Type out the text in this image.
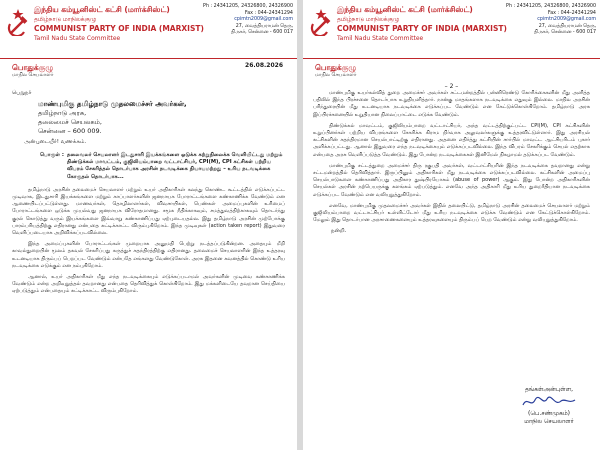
இந்திய கம்யூனிஸ்ட் கட்சி (மார்க்சிஸ்ட்)
தமிழ்நாடு மாநிலக்குழு
COMMUNIST PARTY OF INDIA (MARXIST)
Tamil Nadu State Committee
Ph : 24341205, 24326800, 24326900
Fax : 044-24341294
cpimtn2009@gmail.com
27, வைத்தியராமன் தெரு,
தி.நகர், சென்னை - 600 017
பொதுக்குழு
மாநில செயலாளர்
26.08.2026
பெறுநர்
மாண்புமிகு தமிழ்நாடு முதலமைச்சர் அவர்கள்,
தமிழ்நாடு அரசு,
தலைமைச் செயலகம்,
சென்னை – 600 009.
அன்புடையீர்! வணக்கம்.
பொருள் : தலைவலர் செயலாளர் இடதுசாரி இயக்கங்களை ஒடுக்க கற்றுநிலைக்க வெளியிட்டது மற்றும் திண்டுக்கல் மாவட்டம், குஜிலியம்பாறை வட்டாட்சியர், CPI(M), CPI கட்சிகள் பற்றிய விபரம் சேகரித்தல் தொடர்பாக அரசின் நடவடிக்கை நியாயமற்றது – உரிய நடவடிக்கை கோருதல் தொடர்பாக...

தமிழ்நாடு அரசின் தலைமைச் செயலாளர் மற்றும் உயர் அதிகாரிகள் கலந்து கொண்ட கூட்டத்தில் எடுக்கப்பட்ட முடிவாக, இடதுசாரி இயக்கங்களை மற்றும் காப்பாளர்களின் ஜனநாயக போராட்டங்களை கண்காணிக்க வேண்டும் என ஆணையிடப்பட்டுள்ளது. மாணவர்கள், தொழிலாளர்கள், விவசாயிகள், பெண்கள் அமைப்புகளின் உரிமைப் போராட்டங்களை ஒடுக்க முயல்வது ஜனநாயக விரோதமானது. சமூக நீதிக்காகவும், சமத்துவத்திற்காகவும் தொடர்ந்து குரல் கொடுத்து வரும் இயக்கங்களை இவ்வாறு கண்காணிப்பது ஏற்புடையதல்ல. இது தமிழ்நாடு அரசின் முற்போக்கு பாரம்பரியத்திற்கு எதிரானது என்பதை சுட்டிக்காட்ட விரும்புகிறோம். இந்த முடிவுகள் (action taken report) இதுவரை வெளிப்படையாக அறிவிக்கப்படவில்லை.

இந்த அமைப்புகளின் போராட்டங்கள் முறையாக அனுமதி பெற்று நடத்தப்படுகின்றன. அதையும் மீறி காவல்துறையின் மூலம் தகவல் சேகரிப்பது கருத்துச் சுதந்திரத்திற்கு எதிரானது. தலைமைச் செயலாளரின் இந்த உத்தரவு உடனடியாக திரும்பப் பெறப்பட வேண்டும் என்பதே எங்களது வேண்டுகோள். அரசு இதனை கவனத்தில் கொண்டு உரிய நடவடிக்கை எடுக்கும் என நம்புகிறோம்.

ஆனால், உயர் அதிகாரிகள் மீது எந்த நடவடிக்கையும் எடுக்கப்படாமல் அவர்களின் முடிவை கண்காணிக்க வேண்டும் என்ற அறிவுறுத்தல் தவறானது என்பதை தெரிவித்துக் கொள்கிறோம். இது மக்களிடையே தவறான செய்தியை ஏற்படுத்தும் என்பதையும் சுட்டிக்காட்ட விரும்புகிறோம்.

இந்திய கம்யூனிஸ்ட் கட்சி (மார்க்சிஸ்ட்)
தமிழ்நாடு மாநிலக்குழு
COMMUNIST PARTY OF INDIA (MARXIST)
Tamil Nadu State Committee
Ph : 24341205, 24326800, 24326900
Fax : 044-24341294
cpimtn2009@gmail.com
27, வைத்தியராமன் தெரு,
தி.நகர், சென்னை - 600 017
பொதுக்குழு
மாநில செயலாளர்
– 2 –

மாண்புமிகு உயர்கல்வித் துறை அமைச்சர் அவர்கள் சட்டமன்றத்தில் பன்னிரெண்டு கோரிக்கைகளின் மீது அளித்த பதிலில் இந்த பிரச்சனை தொடர்பாக உறுதியளித்தார். நான்கு மாதங்களாக நடவடிக்கை எதுவும் இல்லை. மாநில அரசின் பரிந்துரையின் மீது உடனடியாக நடவடிக்கை எடுக்கப்பட வேண்டும் என கேட்டுக்கொள்கிறோம். தமிழ்நாடு அரசு இப்பிரச்சனையில் உறுதியான நிலைப்பாட்டை எடுக்க வேண்டும்.

திண்டுக்கல் மாவட்டம், குஜிலியம்பாறை வட்டாட்சியர், அந்த வட்டத்திற்குட்பட்ட CPI(M), CPI கட்சிகளின் உறுப்பினர்கள் பற்றிய விபரங்களை சேகரிக்க கிராம நிர்வாக அலுவலர்களுக்கு உத்தரவிட்டுள்ளார். இது அரசியல் கட்சிகளின் சுதந்திரமான செயல்பாட்டிற்கு எதிரானது. அதனை எதிர்த்து கட்சியின் சார்பில் மாவட்ட ஆட்சியரிடம் புகார் அளிக்கப்பட்டது. ஆனால் இதுவரை எந்த நடவடிக்கையும் எடுக்கப்படவில்லை. இந்த விபரம் சேகரிக்கும் செயல் எதற்காக என்பதை அரசு வெளிப்படுத்த வேண்டும். இது போன்ற நடவடிக்கைகள் இனிமேல் நிகழாமல் தடுக்கப்பட வேண்டும்.

மாண்புமிகு சட்டத்துறை அமைச்சர் திரு ரகுபதி அவர்கள், வட்டாட்சியரின் இந்த நடவடிக்கை தவறானது என்று சட்டமன்றத்தில் தெரிவித்தார். இருப்பினும் அதிகாரிகள் மீது நடவடிக்கை எடுக்கப்படவில்லை. கட்சிகளின் அமைப்பு செயல்பாடுகளை கண்காணிப்பது அதிகார துஷ்பிரயோகம் (abuse of power) ஆகும். இது போன்ற அதிகாரிகளின் செயல்கள் அரசின் நற்பெயருக்கு களங்கம் ஏற்படுத்தும். எனவே அந்த அதிகாரி மீது உரிய துறைரீதியான நடவடிக்கை எடுக்கப்பட வேண்டும் என வலியுறுத்துகிறோம்.

எனவே, மாண்புமிகு முதலமைச்சர் அவர்கள் இதில் தலையிட்டு, தமிழ்நாடு அரசின் தலைமைச் செயலாளர் மற்றும் குஜிலியம்பாறை வட்டாட்சியர் உள்ளிட்டோர் மீது உரிய நடவடிக்கை எடுக்க வேண்டும் என கேட்டுக்கொள்கிறோம். மேலும் இது தொடர்பான அரசாணைகளையும் உத்தரவுகளையும் திரும்பப் பெற வேண்டும் என்று வலியுறுத்துகிறோம்.

நன்றி.
தங்கள்அன்புள்ள,
(பெ.சண்முகம்)
மாநில செயலாளர்
